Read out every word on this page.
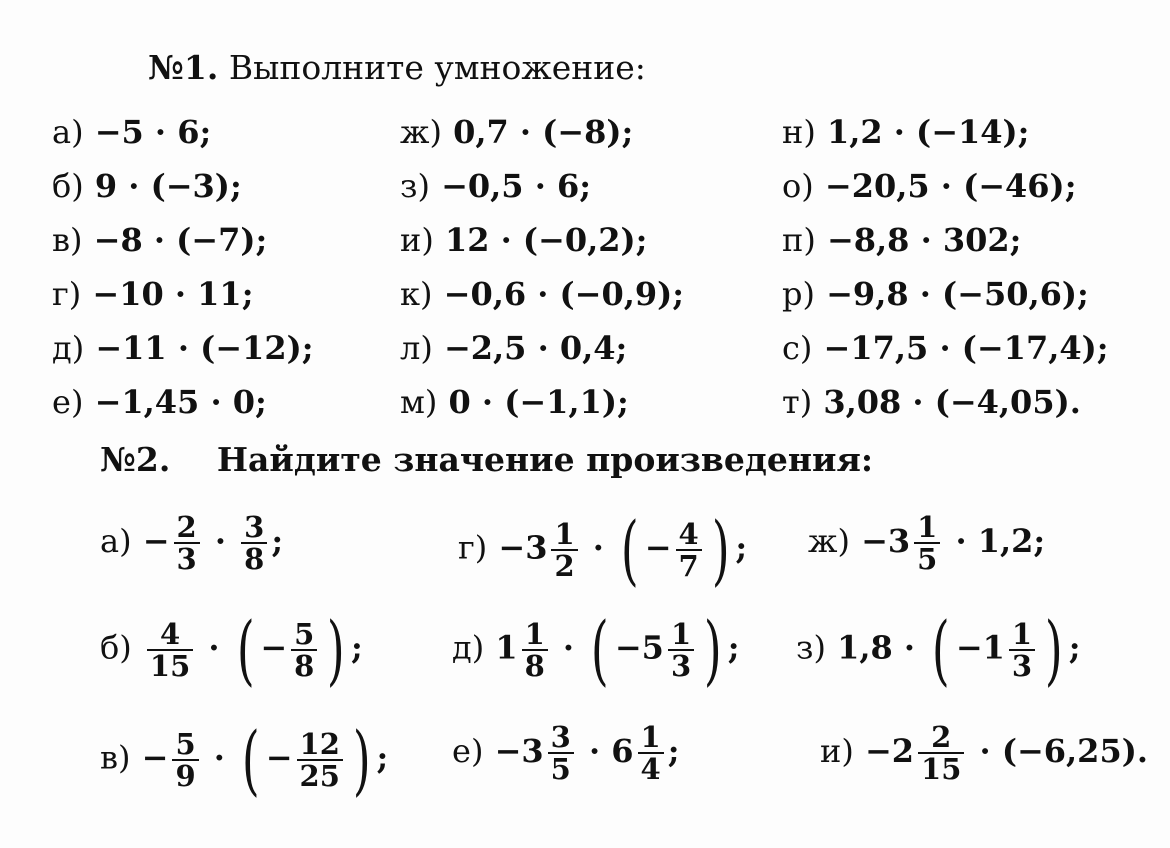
№1. Выполните умножение:
а) −5 · 6;
б) 9 · (−3);
в) −8 · (−7);
г) −10 · 11;
д) −11 · (−12);
е) −1,45 · 0;
ж) 0,7 · (−8);
з) −0,5 · 6;
и) 12 · (−0,2);
к) −0,6 · (−0,9);
л) −2,5 · 0,4;
м) 0 · (−1,1);
н) 1,2 · (−14);
о) −20,5 · (−46);
п) −8,8 · 302;
р) −9,8 · (−50,6);
с) −17,5 · (−17,4);
т) 3,08 · (−4,05).
№2. Найдите значение произведения:
$а) - \frac{2}{3} \cdot \frac{3}{8}$ ;	$г) -3 \frac{1}{2}$ · ( − $\frac{4}{7}$ ) ; $ж) -3 \frac{1}{5} \cdot 1,2$;
$б) \frac{4}{15}$ · ( − $\frac{5}{8}$ ) ;	д) $1 \frac{1}{8}$ · ( $-5 \frac{1}{3}$ ) ; з) 1,8 · ( $-1 \frac{1}{3}$ ) ;
$в) - \frac{5}{9}$ · ( − $\frac{12}{25}$ ) ; $е) -3 \frac{3}{5} \cdot 6 \frac{1}{4}$ ;	$и) -2 \frac{2}{15} \cdot (-6,25)$.
